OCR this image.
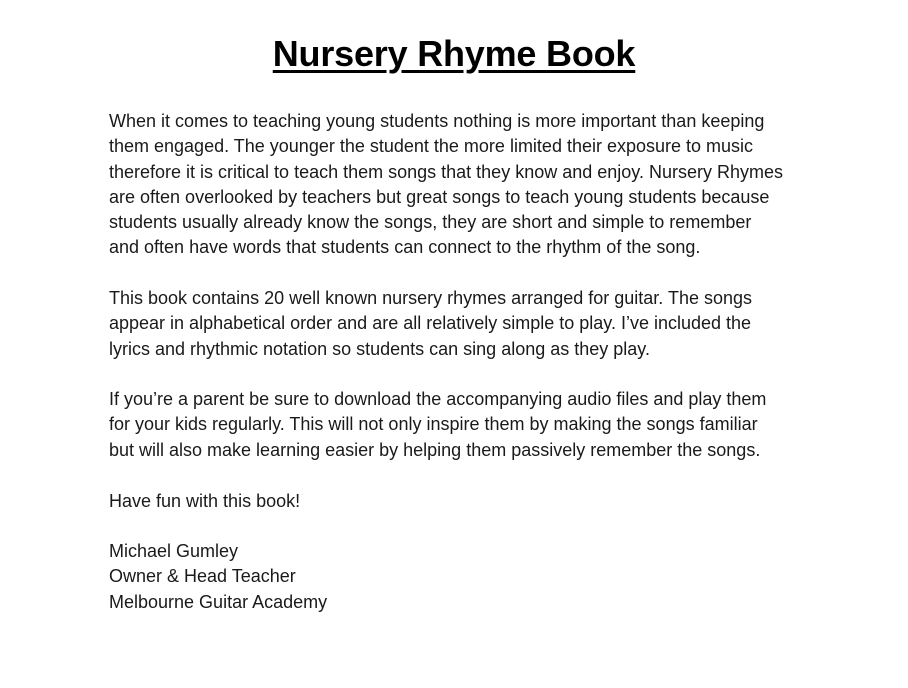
Nursery Rhyme Book

When it comes to teaching young students nothing is more important than keeping
them engaged. The younger the student the more limited their exposure to music
therefore it is critical to teach them songs that they know and enjoy. Nursery Rhymes
are often overlooked by teachers but great songs to teach young students because
students usually already know the songs, they are short and simple to remember
and often have words that students can connect to the rhythm of the song.

This book contains 20 well known nursery rhymes arranged for guitar. The songs
appear in alphabetical order and are all relatively simple to play. I’ve included the
lyrics and rhythmic notation so students can sing along as they play.

If you’re a parent be sure to download the accompanying audio files and play them
for your kids regularly. This will not only inspire them by making the songs familiar
but will also make learning easier by helping them passively remember the songs.

Have fun with this book!

Michael Gumley
Owner & Head Teacher
Melbourne Guitar Academy
